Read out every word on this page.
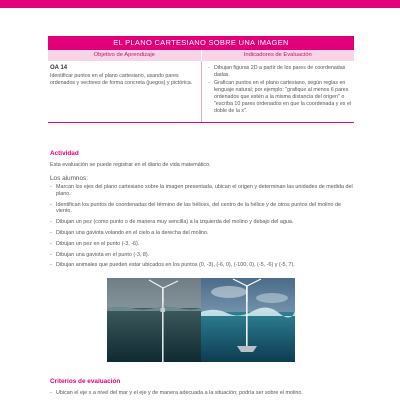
EL PLANO CARTESIANO SOBRE UNA IMAGEN
Objetivo de Aprendizaje	Indicadores de Evaluación
OA 14
Identificar puntos en el plano cartesiano, usando pares ordenados y vectores de forma concreta (juegos) y pictórica.
- Dibujan figuras 2D a partir de los pares de coordenadas dadas.
- Grafican puntos en el plano cartesiano, según reglas en lenguaje natural; por ejemplo: "grafique al menos 6 pares ordenados que estén a la misma distancia del origen" o "escriba 10 pares ordenados en que la coordenada y es el doble de la x".
Actividad
Esta evaluación se puede registrar en el diario de vida matemático.
Los alumnos:
- Marcan los ejes del plano cartesiano sobre la imagen presentada, ubican el origen y determinan las unidades de medida del plano.
- Identifican los puntos de coordenadas del término de las hélices, del centro de la hélice y de otros puntos del molino de viento.
- Dibujan un pez (como punto o de manera muy sencilla) a la izquierda del molino y debajo del agua.
- Dibujan una gaviota volando en el cielo a la derecha del molino.
- Dibujan un pez en el punto (-3, -6).
- Dibujan una gaviota en el punto (-3, 8).
- Dibujan animales que pueden estar ubicados en los puntos (0, -3), (-6, 0), (-100, 0), (-5, -6) y (-5, 7).
Criterios de evaluación
- Ubican el eje x a nivel del mar y el eje y de manera adecuada a la situación; podría ser sobre el molino.
